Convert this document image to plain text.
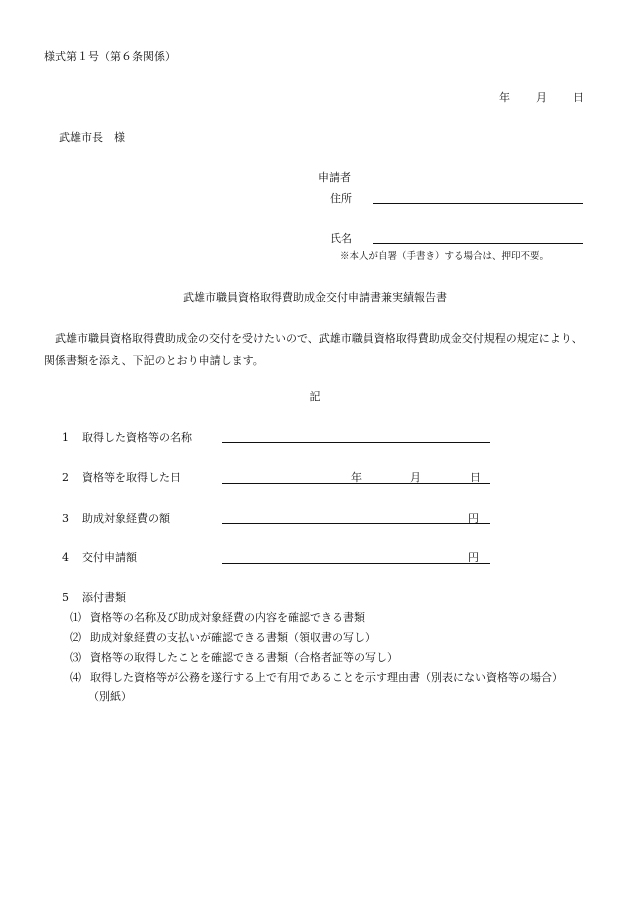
様式第１号（第６条関係）
年 月 日
武雄市長　様
申請者
住所
氏名
※本人が自署（手書き）する場合は、押印不要。
武雄市職員資格取得費助成金交付申請書兼実績報告書
武雄市職員資格取得費助成金の交付を受けたいので、武雄市職員資格取得費助成金交付規程の規定により、関係書類を添え、下記のとおり申請します。
記
1 取得した資格等の名称
2 資格等を取得した日	年	月	日
3 助成対象経費の額	円
4 交付申請額	円
5 添付書類
⑴ 資格等の名称及び助成対象経費の内容を確認できる書類
⑵ 助成対象経費の支払いが確認できる書類（領収書の写し）
⑶ 資格等の取得したことを確認できる書類（合格者証等の写し）
⑷ 取得した資格等が公務を遂行する上で有用であることを示す理由書（別表にない資格等の場合）
（別紙）
